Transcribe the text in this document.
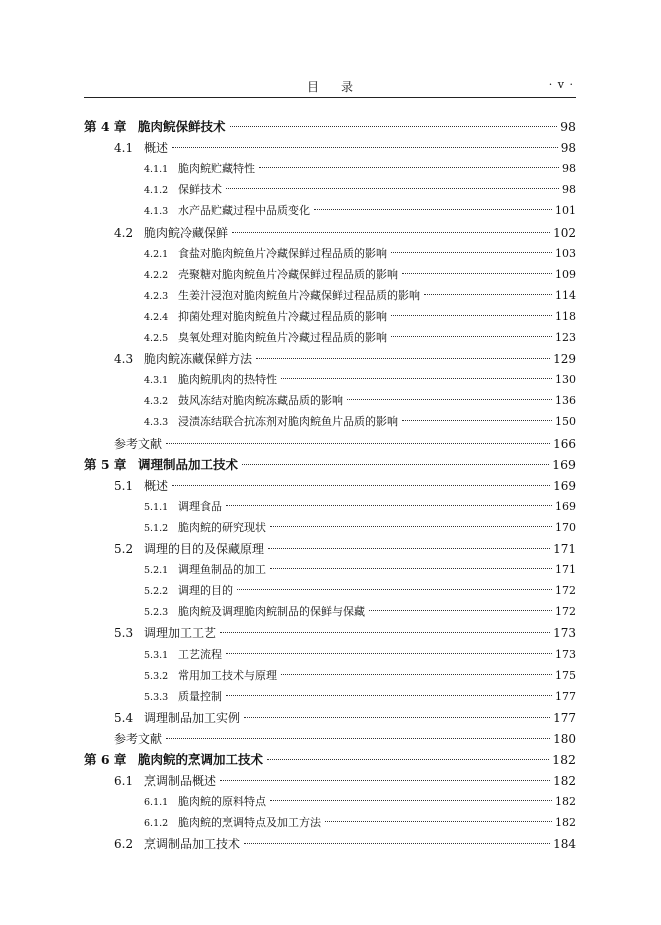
目录	· v ·
第 4 章 脆肉鲩保鲜技术	98
4.1 概述	98
4.1.1 脆肉鲩贮藏特性	98
4.1.2 保鲜技术	98
4.1.3 水产品贮藏过程中品质变化	101
4.2 脆肉鲩冷藏保鲜	102
4.2.1 食盐对脆肉鲩鱼片冷藏保鲜过程品质的影响	103
4.2.2 壳聚糖对脆肉鲩鱼片冷藏保鲜过程品质的影响	109
4.2.3 生姜汁浸泡对脆肉鲩鱼片冷藏保鲜过程品质的影响	114
4.2.4 抑菌处理对脆肉鲩鱼片冷藏过程品质的影响	118
4.2.5 臭氧处理对脆肉鲩鱼片冷藏过程品质的影响	123
4.3 脆肉鲩冻藏保鲜方法	129
4.3.1 脆肉鲩肌肉的热特性	130
4.3.2 鼓风冻结对脆肉鲩冻藏品质的影响	136
4.3.3 浸渍冻结联合抗冻剂对脆肉鲩鱼片品质的影响	150
参考文献	166
第 5 章 调理制品加工技术	169
5.1 概述	169
5.1.1 调理食品	169
5.1.2 脆肉鲩的研究现状	170
5.2 调理的目的及保藏原理	171
5.2.1 调理鱼制品的加工	171
5.2.2 调理的目的	172
5.2.3 脆肉鲩及调理脆肉鲩制品的保鲜与保藏	172
5.3 调理加工工艺	173
5.3.1 工艺流程	173
5.3.2 常用加工技术与原理	175
5.3.3 质量控制	177
5.4 调理制品加工实例	177
参考文献	180
第 6 章 脆肉鲩的烹调加工技术	182
6.1 烹调制品概述	182
6.1.1 脆肉鲩的原料特点	182
6.1.2 脆肉鲩的烹调特点及加工方法	182
6.2 烹调制品加工技术	184
